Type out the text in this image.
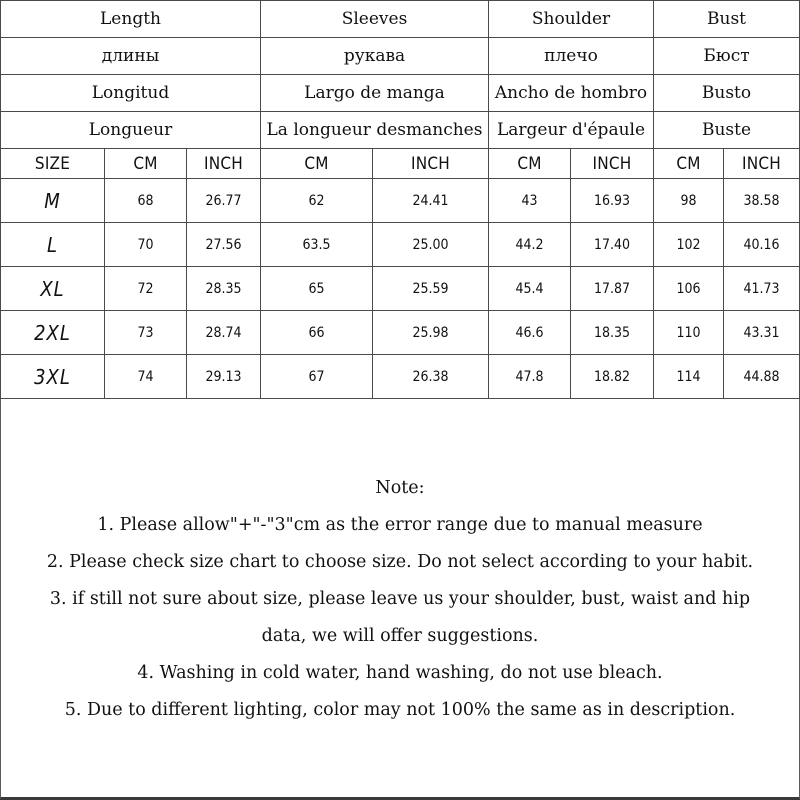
Length			Sleeves		Shoulder		Bust	
длины			рукава		плечо		Бюст	
Longitud			Largo de manga		Ancho de hombro		Busto	
Longueur			La longueur desmanches		Largeur d'épaule		Buste	
SIZE	CM	INCH	CM	INCH	CM	INCH	CM	INCH
M	68	26.77	62	24.41	43	16.93	98	38.58
L	70	27.56	63.5	25.00	44.2	17.40	102	40.16
XL	72	28.35	65	25.59	45.4	17.87	106	41.73
2XL	73	28.74	66	25.98	46.6	18.35	110	43.31
3XL	74	29.13	67	26.38	47.8	18.82	114	44.88
Note:
1. Please allow"+"-"3"cm as the error range due to manual measure
2. Please check size chart to choose size. Do not select according to your habit.
3. if still not sure about size, please leave us your shoulder, bust, waist and hip
data, we will offer suggestions.
4. Washing in cold water, hand washing, do not use bleach.
5. Due to different lighting, color may not 100% the same as in description.
